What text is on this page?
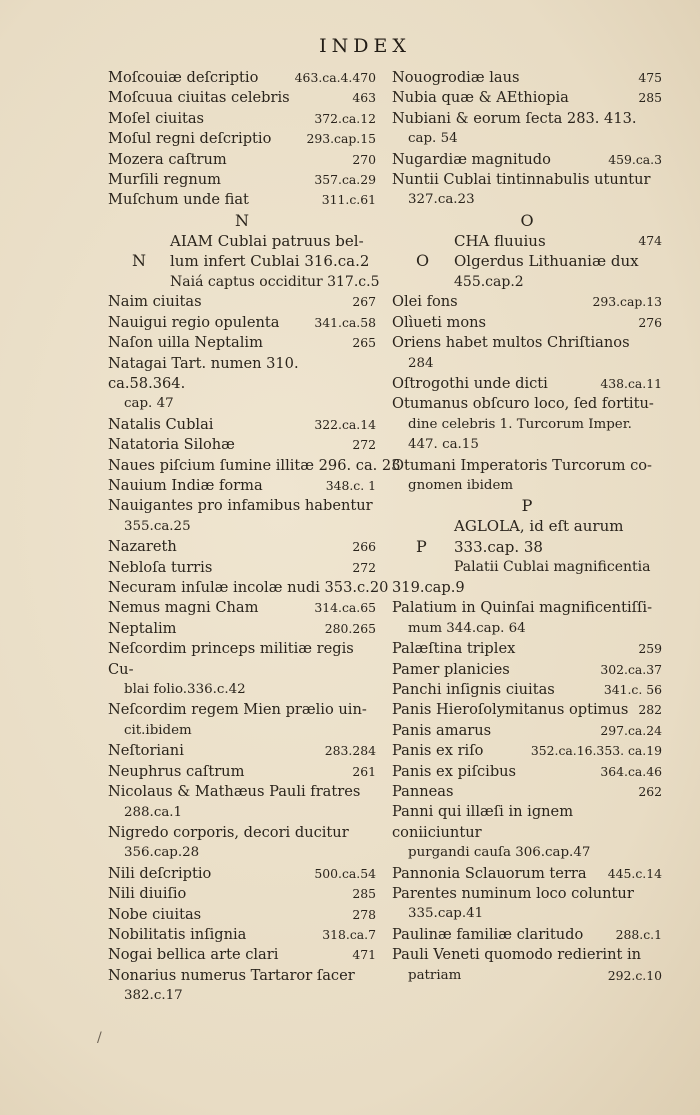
INDEX
Moſcouiæ deſcriptio	463.ca.4.470
Moſcuua ciuitas celebris	463
Moſel ciuitas	372.ca.12
Moſul regni deſcriptio	293.cap.15
Mozera caſtrum	270
Murſili regnum	357.ca.29
Muſchum unde fiat	311.c.61
N
AIAM Cublai patruus bel-
N	lum infert Cublai 316.ca.2
Naiá captus occiditur 317.c.5
Naim ciuitas	267
Nauigui regio opulenta	341.ca.58
Naſon uilla Neptalim	265
Natagai Tart. numen 310. ca.58.364.
cap. 47
Natalis Cublai	322.ca.14
Natatoria Silohæ	272
Naues piſcium ſumine illitæ 296. ca. 23
Nauium Indiæ forma	348.c. 1
Nauigantes pro infamibus habentur
355.ca.25
Nazareth	266
Nebloſa turris	272
Necuram inſulæ incolæ nudi 353.c.20
Nemus magni Cham	314.ca.65
Neptalim	280.265
Neſcordim princeps militiæ regis Cu-
blai folio.336.c.42
Neſcordim regem Mien prælio uin-
cit.ibidem
Neſtoriani	283.284
Neuphrus caſtrum	261
Nicolaus & Mathæus Pauli fratres
288.ca.1
Nigredo corporis, decori ducitur
356.cap.28
Nili deſcriptio	500.ca.54
Nili diuiſio	285
Nobe ciuitas	278
Nobilitatis inſignia	318.ca.7
Nogai bellica arte clari	471
Nonarius numerus Tartaror ſacer
382.c.17
Nouogrodiæ laus	475
Nubia quæ & AEthiopia	285
Nubiani & eorum ſecta 283. 413.
cap. 54
Nugardiæ magnitudo	459.ca.3
Nuntii Cublai tintinnabulis utuntur
327.ca.23
O
CHA fluuius	474
O	Olgerdus Lithuaniæ dux
455.cap.2
Olei fons	293.cap.13
Olìueti mons	276
Oriens habet multos Chriſtianos
284
Oſtrogothi unde dicti	438.ca.11
Otumanus obſcuro loco, ſed fortitu-
dine celebris 1. Turcorum Imper.
447. ca.15
Otumani Imperatoris Turcorum co-
gnomen ibidem
P
AGLOLA, id eſt aurum
P	333.cap. 38
Palatii Cublai magnificentia
319.cap.9
Palatium in Quinſai magnificentiſſi-
mum 344.cap. 64
Palæſtina triplex	259
Pamer planicies	302.ca.37
Panchi inſignis ciuitas	341.c. 56
Panis Hieroſolymitanus optimus 282
Panis amarus	297.ca.24
Panis ex riſo	352.ca.16.353. ca.19
Panis ex piſcibus	364.ca.46
Panneas	262
Panni qui illæſi in ignem coniiciuntur
purgandi cauſa 306.cap.47
Pannonia Sclauorum terra	445.c.14
Parentes numinum loco coluntur
335.cap.41
Paulinæ familiæ claritudo	288.c.1
Pauli Veneti quomodo redierint in
patriam	292.c.10
/
